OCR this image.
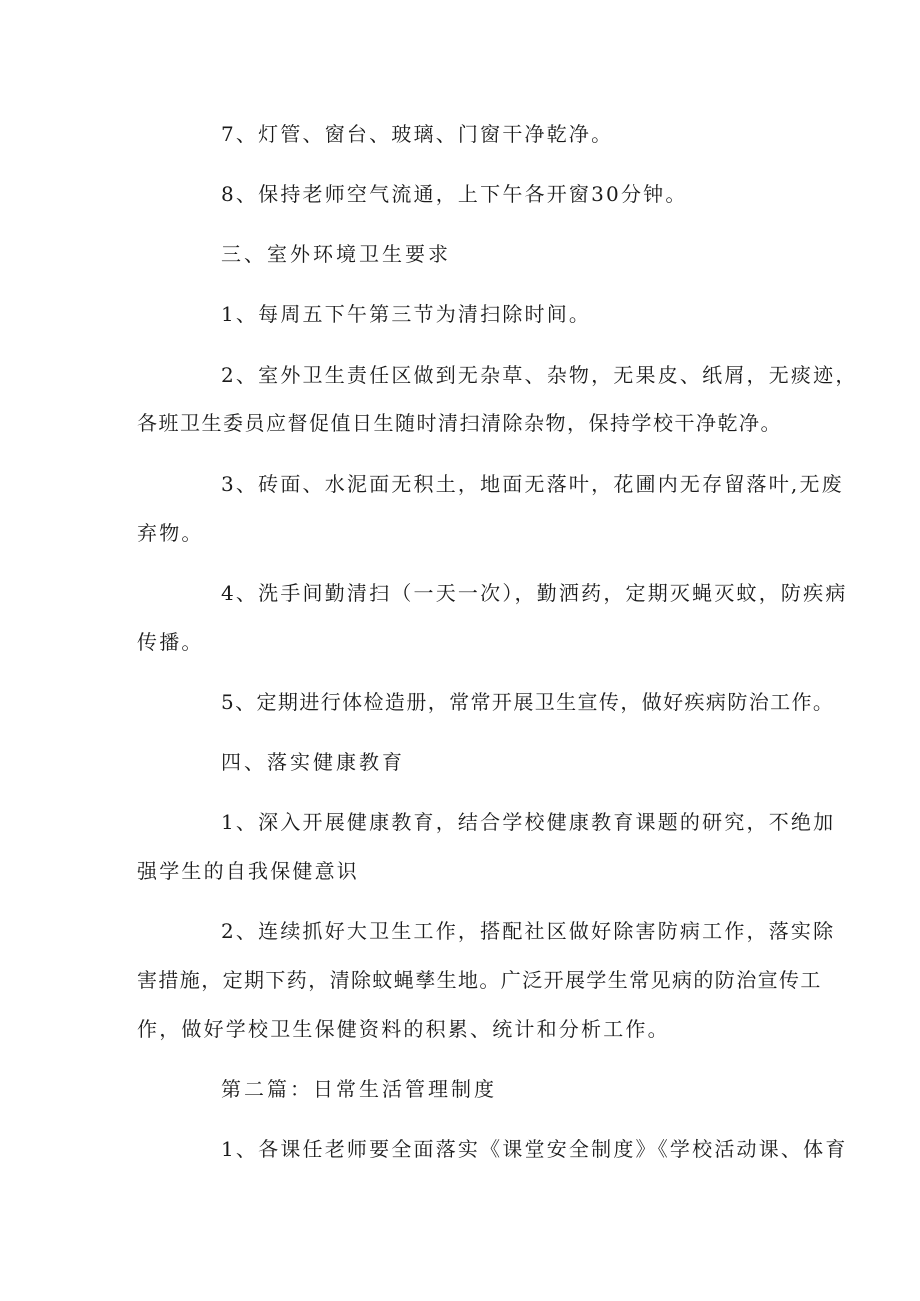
7、灯管、窗台、玻璃、门窗干净乾净。

8、保持老师空气流通，上下午各开窗30分钟。

三、室外环境卫生要求

1、每周五下午第三节为清扫除时间。

2、室外卫生责任区做到无杂草、杂物，无果皮、纸屑，无痰迹，

各班卫生委员应督促值日生随时清扫清除杂物，保持学校干净乾净。

3、砖面、水泥面无积土，地面无落叶，花圃内无存留落叶,无废

弃物。

4、洗手间勤清扫（一天一次），勤洒药，定期灭蝇灭蚊，防疾病

传播。

5、定期进行体检造册，常常开展卫生宣传，做好疾病防治工作。

四、落实健康教育

1、深入开展健康教育，结合学校健康教育课题的研究，不绝加

强学生的自我保健意识

2、连续抓好大卫生工作，搭配社区做好除害防病工作，落实除

害措施，定期下药，清除蚊蝇孳生地。广泛开展学生常见病的防治宣传工

作，做好学校卫生保健资料的积累、统计和分析工作。

第二篇：日常生活管理制度

1、各课任老师要全面落实《课堂安全制度》《学校活动课、体育
